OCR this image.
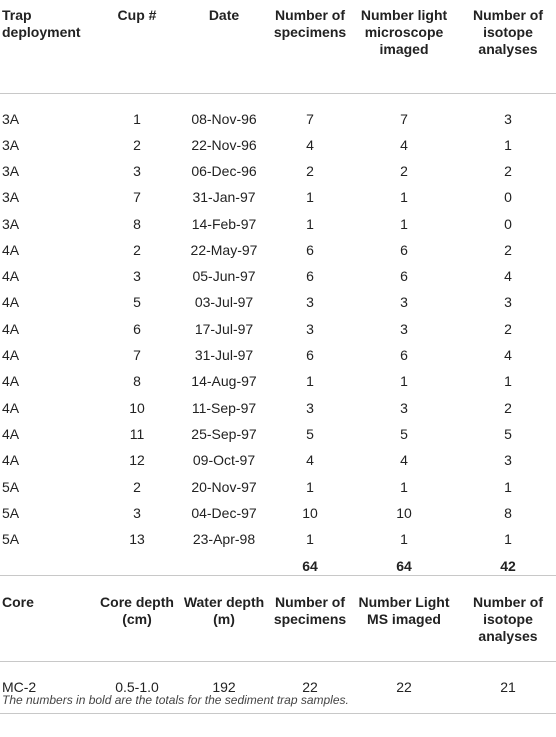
Trap deployment	Cup #	Date	Number of specimens	Number light microscope imaged	Number of isotope analyses
3A	1	08-Nov-96	7	7	3
3A	2	22-Nov-96	4	4	1
3A	3	06-Dec-96	2	2	2
3A	7	31-Jan-97	1	1	0
3A	8	14-Feb-97	1	1	0
4A	2	22-May-97	6	6	2
4A	3	05-Jun-97	6	6	4
4A	5	03-Jul-97	3	3	3
4A	6	17-Jul-97	3	3	2
4A	7	31-Jul-97	6	6	4
4A	8	14-Aug-97	1	1	1
4A	10	11-Sep-97	3	3	2
4A	11	25-Sep-97	5	5	5
4A	12	09-Oct-97	4	4	3
5A	2	20-Nov-97	1	1	1
5A	3	04-Dec-97	10	10	8
5A	13	23-Apr-98	1	1	1
			64	64	42
Core	Core depth (cm)	Water depth (m)	Number of specimens	Number Light MS imaged	Number of isotope analyses
MC-2	0.5-1.0	192	22	22	21
The numbers in bold are the totals for the sediment trap samples.
